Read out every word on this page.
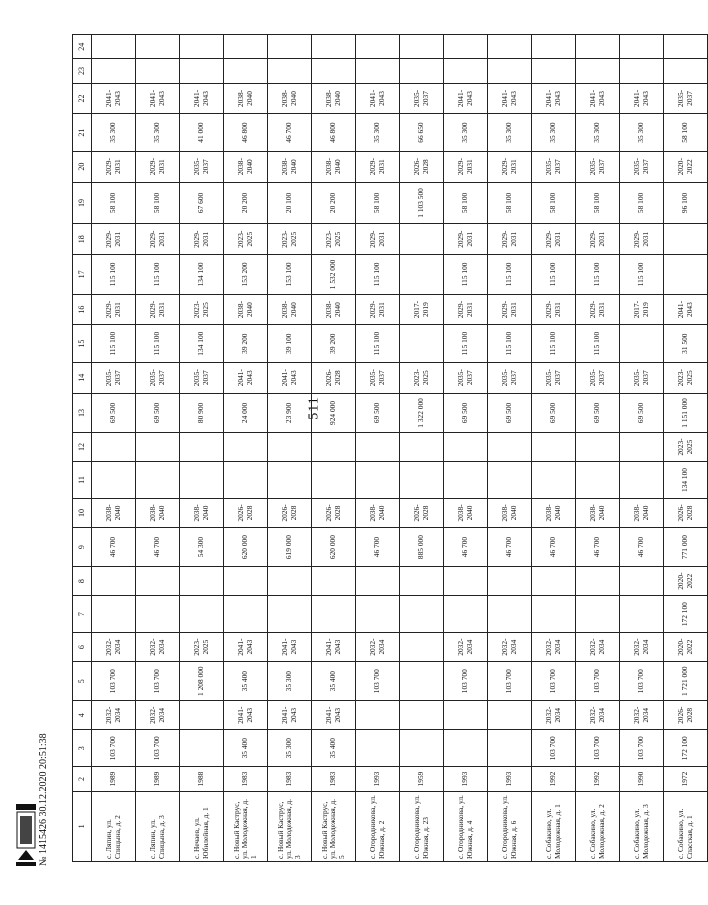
511
1	2	3	4	5	6	7	8	9	10	11	12	13	14	15	16	17	18	19	20	21	22	23	24
с. Ляпин, ул. Спицына, д. 2	1989	103 700	2032-2034	103 700	2032-2034			46 700	2038-2040			69 500	2035-2037	115 100	2029-2031	115 100	2029-2031	58 100	2029-2031	35 300	2041-2043		
с. Ляпин, ул. Спицына, д. 3	1989	103 700	2032-2034	103 700	2032-2034			46 700	2038-2040			69 500	2035-2037	115 100	2029-2031	115 100	2029-2031	58 100	2029-2031	35 300	2041-2043		
с. Нечаев, ул. Юбилейная, д. 1	1988			1 208 000	2023-2025			54 300	2038-2040			80 900	2035-2037	134 100	2023-2025	134 100	2029-2031	67 600	2035-2037	41 000	2041-2043		
с. Новый Каструс, ул. Молодежная, д. 1	1983	35 400	2041-2043	35 400	2041-2043			620 000	2026-2028			24 000	2041-2043	39 200	2038-2040	153 200	2023-2025	20 200	2038-2040	46 800	2038-2040		
с. Новый Каструс, ул. Молодежная, д. 3	1983	35 300	2041-2043	35 300	2041-2043			619 000	2026-2028			23 900	2041-2043	39 100	2038-2040	153 100	2023-2025	20 100	2038-2040	46 700	2038-2040		
с. Новый Каструс, ул. Молодежная, д. 5	1983	35 400	2041-2043	35 400	2041-2043			620 000	2026-2028			924 000	2026-2028	39 200	2038-2040	1 532 000	2023-2025	20 200	2038-2040	46 800	2038-2040		
с. Огородникова, ул. Южная, д. 2	1993			103 700	2032-2034			46 700	2038-2040			69 500	2035-2037	115 100	2029-2031	115 100	2029-2031	58 100	2029-2031	35 300	2041-2043		
с. Огородникова, ул. Южная, д. 23	1959							885 000	2026-2028			1 322 000	2023-2025		2017-2019			1 103 500	2026-2028	66 650	2035-2037		
с. Огородникова, ул. Южная, д. 4	1993			103 700	2032-2034			46 700	2038-2040			69 500	2035-2037	115 100	2029-2031	115 100	2029-2031	58 100	2029-2031	35 300	2041-2043		
с. Огородникова, ул. Южная, д. 6	1993			103 700	2032-2034			46 700	2038-2040			69 500	2035-2037	115 100	2029-2031	115 100	2029-2031	58 100	2029-2031	35 300	2041-2043		
с. Собакино, ул. Молодежная, д. 1	1992	103 700	2032-2034	103 700	2032-2034			46 700	2038-2040			69 500	2035-2037	115 100	2029-2031	115 100	2029-2031	58 100	2035-2037	35 300	2041-2043		
с. Собакино, ул. Молодежная, д. 2	1992	103 700	2032-2034	103 700	2032-2034			46 700	2038-2040			69 500	2035-2037	115 100	2029-2031	115 100	2029-2031	58 100	2035-2037	35 300	2041-2043		
с. Собакино, ул. Молодежная, д. 3	1990	103 700	2032-2034	103 700	2032-2034			46 700	2038-2040			69 500	2035-2037		2017-2019	115 100	2029-2031	58 100	2035-2037	35 300	2041-2043		
с. Собакино, ул. Спасская, д. 1	1972	172 100	2026-2028	1 721 000	2020-2022	172 100	2020-2022	771 000	2026-2028	134 100	2023-2025	1 151 000	2023-2025	31 500	2041-2043			96 100	2020-2022	58 100	2035-2037		
№ 1415426 30.12.2020 20:51:38
